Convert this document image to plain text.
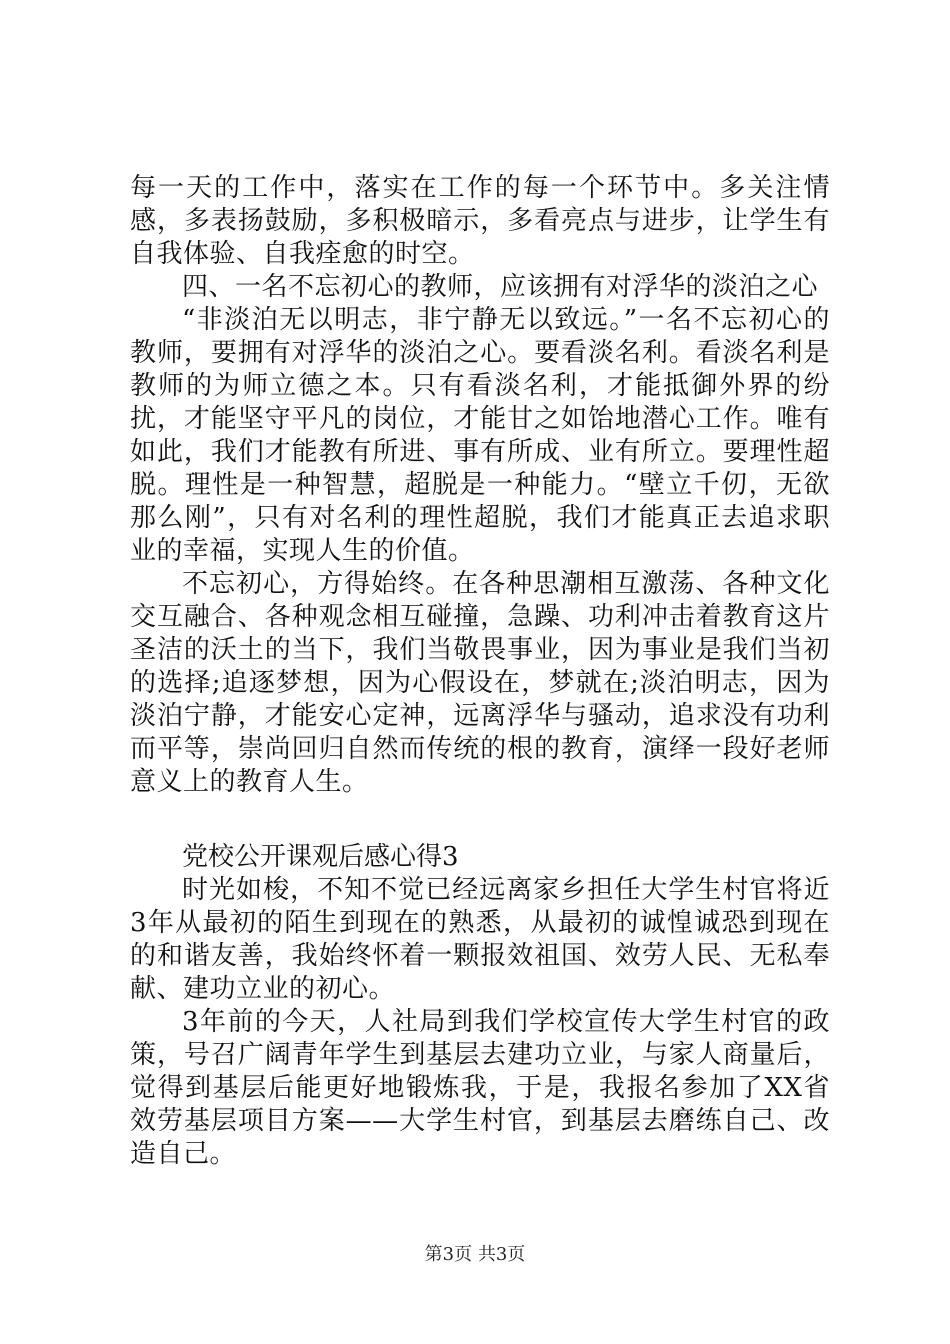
每一天的工作中，落实在工作的每一个环节中。多关注情感，多表扬鼓励，多积极暗示，多看亮点与进步，让学生有自我体验、自我痊愈的时空。

四、一名不忘初心的教师，应该拥有对浮华的淡泊之心

“非淡泊无以明志，非宁静无以致远。”一名不忘初心的教师，要拥有对浮华的淡泊之心。要看淡名利。看淡名利是教师的为师立德之本。只有看淡名利，才能抵御外界的纷扰，才能坚守平凡的岗位，才能甘之如饴地潜心工作。唯有如此，我们才能教有所进、事有所成、业有所立。要理性超脱。理性是一种智慧，超脱是一种能力。“壁立千仞，无欲那么刚”，只有对名利的理性超脱，我们才能真正去追求职业的幸福，实现人生的价值。

不忘初心，方得始终。在各种思潮相互激荡、各种文化交互融合、各种观念相互碰撞，急躁、功利冲击着教育这片圣洁的沃土的当下，我们当敬畏事业，因为事业是我们当初的选择;追逐梦想，因为心假设在，梦就在;淡泊明志，因为淡泊宁静，才能安心定神，远离浮华与骚动，追求没有功利而平等，崇尚回归自然而传统的根的教育，演绎一段好老师意义上的教育人生。

党校公开课观后感心得3

时光如梭，不知不觉已经远离家乡担任大学生村官将近3年从最初的陌生到现在的熟悉，从最初的诚惶诚恐到现在的和谐友善，我始终怀着一颗报效祖国、效劳人民、无私奉献、建功立业的初心。

3年前的今天，人社局到我们学校宣传大学生村官的政策，号召广阔青年学生到基层去建功立业，与家人商量后，觉得到基层后能更好地锻炼我，于是，我报名参加了XX省效劳基层项目方案——大学生村官，到基层去磨练自己、改造自己。

第3页 共3页
